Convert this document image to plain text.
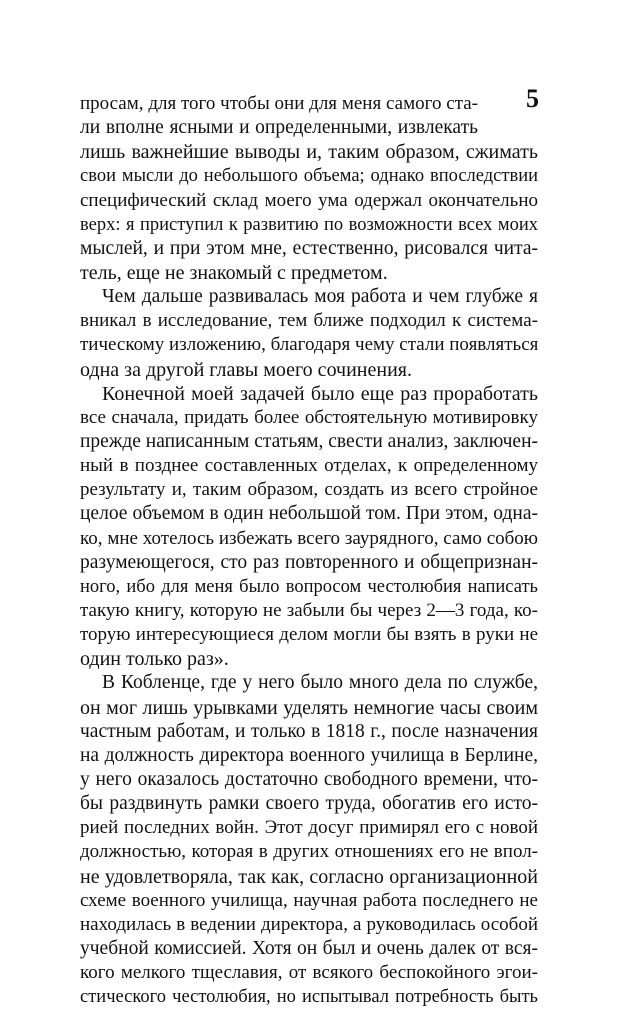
5
просам, для того чтобы они для меня самого ста-
ли вполне ясными и определенными, извлекать
лишь важнейшие выводы и, таким образом, сжимать
свои мысли до небольшого объема; однако впоследствии
специфический склад моего ума одержал окончательно
верх: я приступил к развитию по возможности всех моих
мыслей, и при этом мне, естественно, рисовался чита-
тель, еще не знакомый с предметом.
Чем дальше развивалась моя работа и чем глубже я
вникал в исследование, тем ближе подходил к системa-
тическому изложению, благодаря чему стали появляться
одна за другой главы моего сочинения.
Конечной моей задачей было еще раз проработать
все сначала, придать более обстоятельную мотивировку
прежде написанным статьям, свести анализ, заключен-
ный в позднее составленных отделах, к определенному
результату и, таким образом, создать из всего стройное
целое объемом в один небольшой том. При этом, одна-
ко, мне хотелось избежать всего заурядного, само собою
разумеющегося, сто раз повторенного и общепризнан-
ного, ибо для меня было вопросом честолюбия написать
такую книгу, которую не забыли бы через 2—3 года, ко-
торую интересующиеся делом могли бы взять в руки не
один только раз».
В Кобленце, где у него было много дела по службе,
он мог лишь урывками уделять немногие часы своим
частным работам, и только в 1818 г., после назначения
на должность директора военного училища в Берлине,
у него оказалось достаточно свободного времени, что-
бы раздвинуть рамки своего труда, обогатив его исто-
рией последних войн. Этот досуг примирял его с новой
должностью, которая в других отношениях его не впол-
не удовлетворяла, так как, согласно организационной
схеме военного училища, научная работа последнего не
находилась в ведении директора, а руководилась особой
учебной комиссией. Хотя он был и очень далек от вся-
кого мелкого тщеславия, от всякого беспокойного эгои-
стического честолюбия, но испытывал потребность быть
